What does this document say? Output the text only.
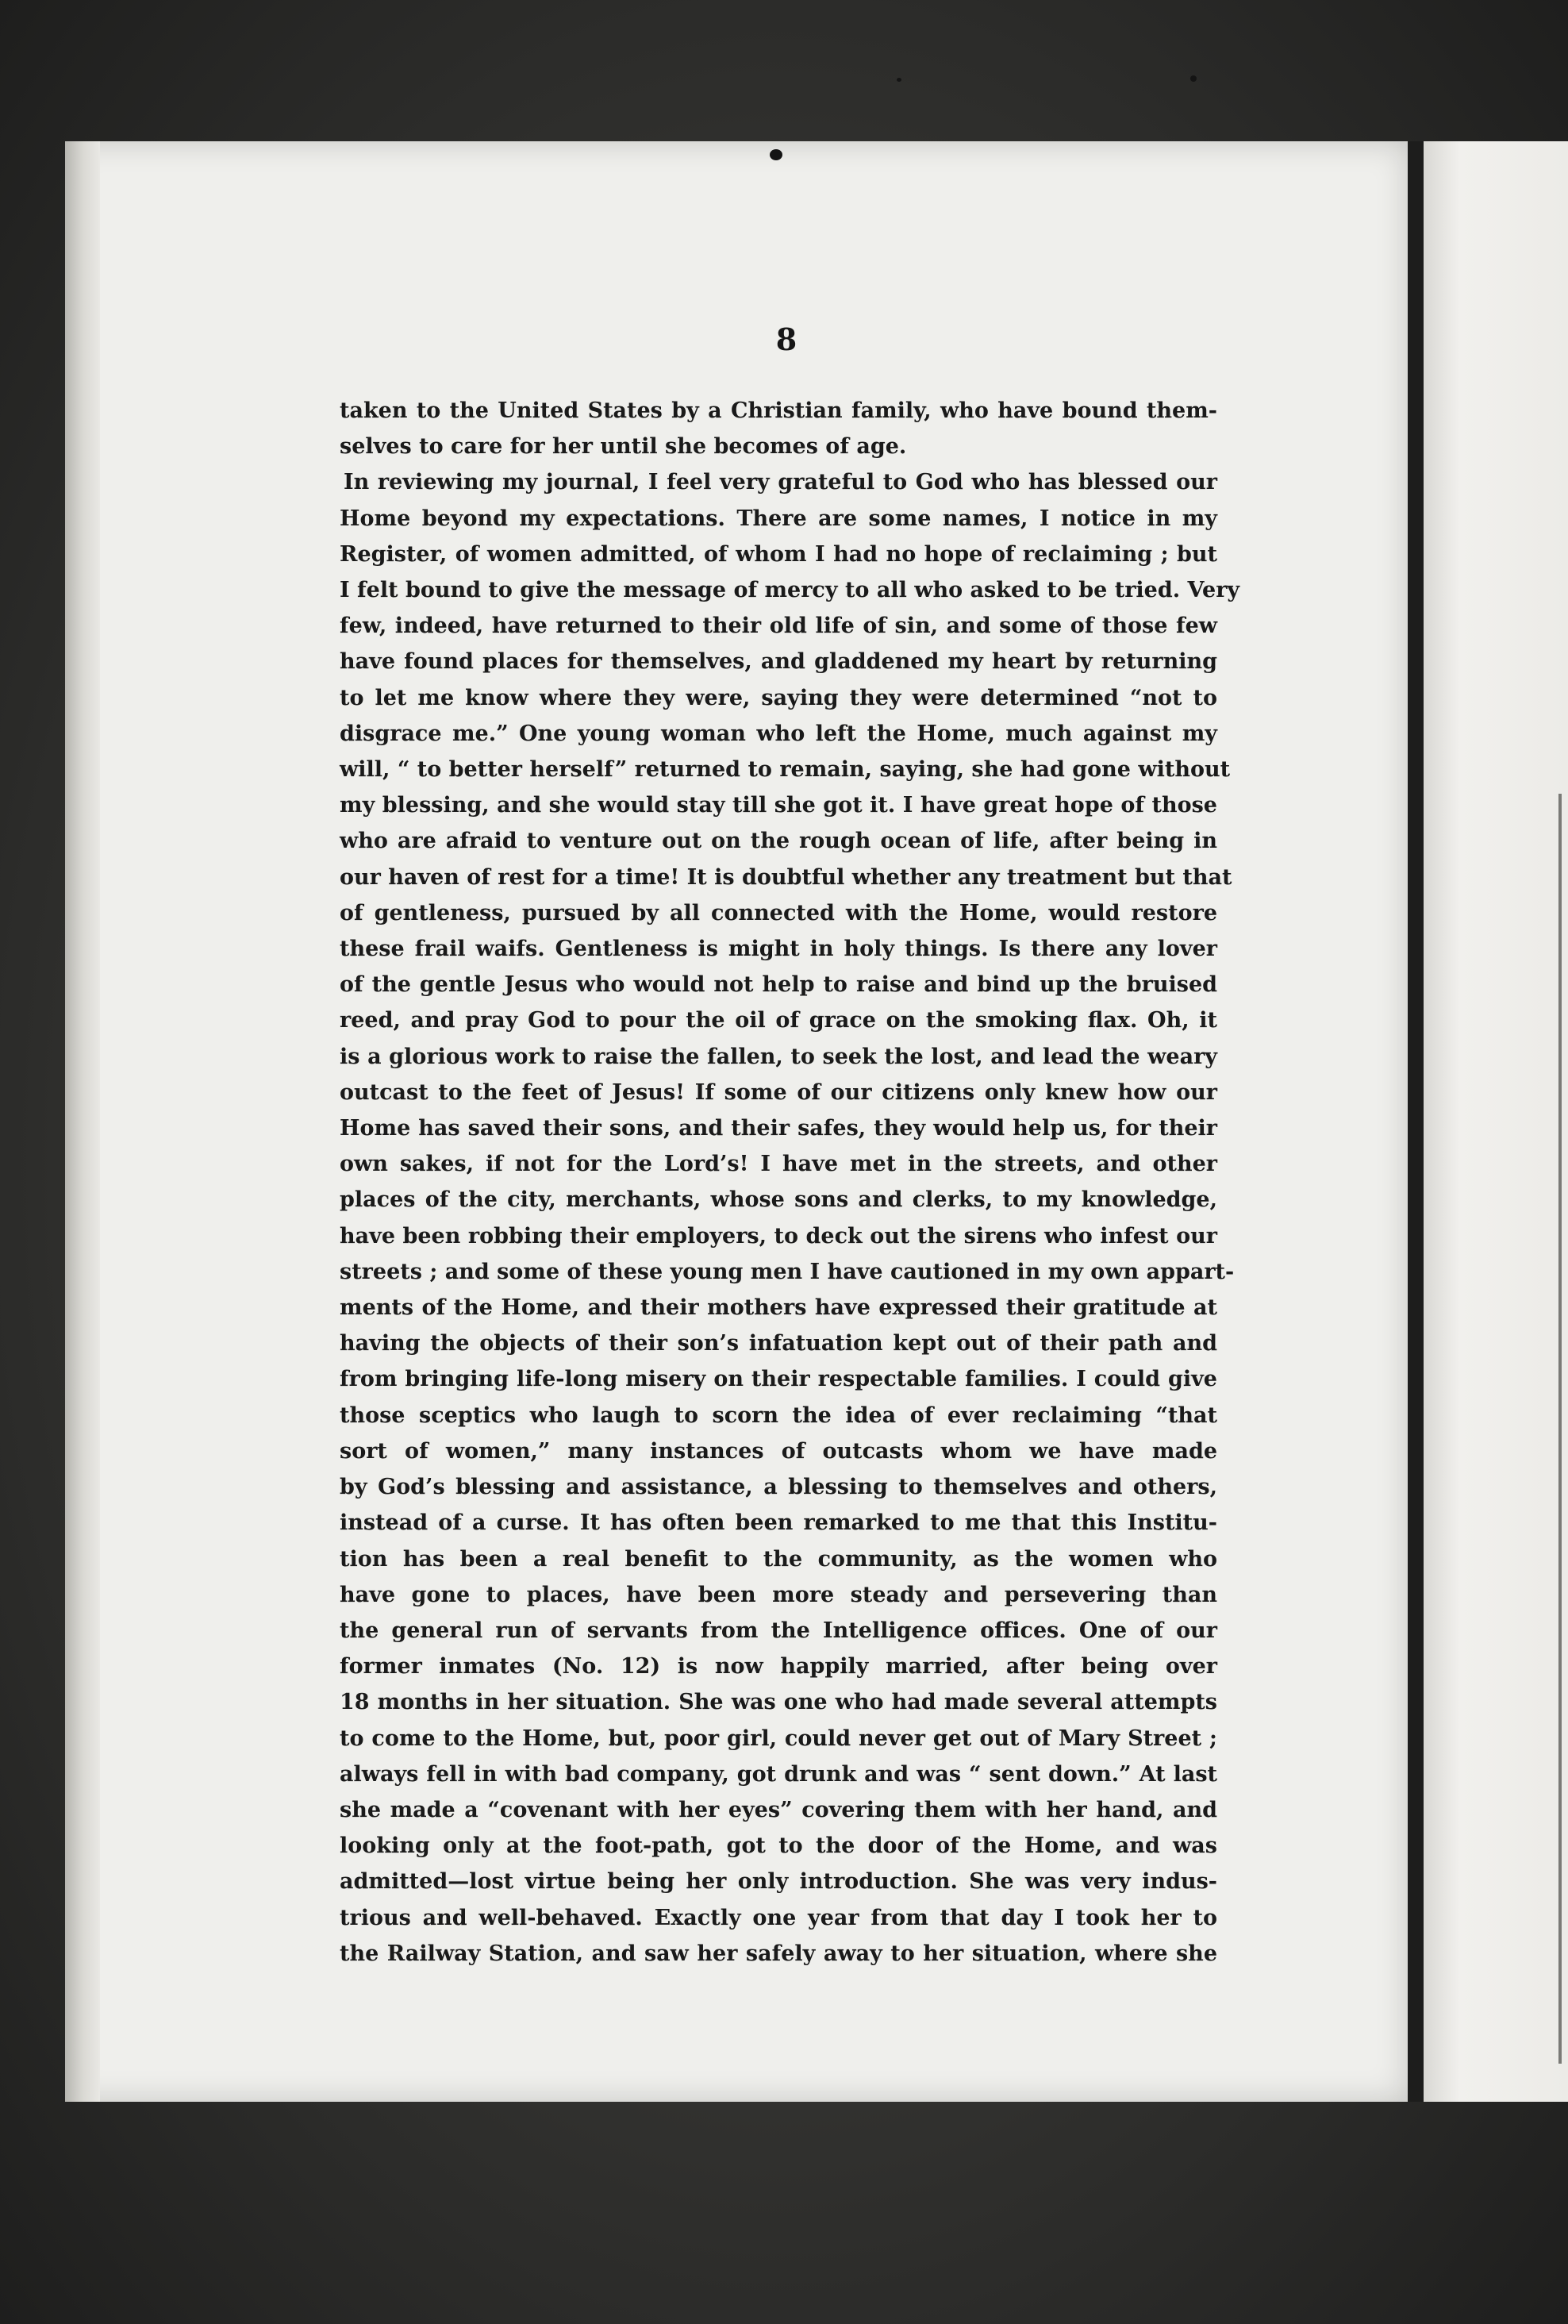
8
taken to the United States by a Christian family, who have bound them-
selves to care for her until she becomes of age.
In reviewing my journal, I feel very grateful to God who has blessed our
Home beyond my expectations. There are some names, I notice in my
Register, of women admitted, of whom I had no hope of reclaiming ; but
I felt bound to give the message of mercy to all who asked to be tried. Very
few, indeed, have returned to their old life of sin, and some of those few
have found places for themselves, and gladdened my heart by returning
to let me know where they were, saying they were determined “not to
disgrace me.” One young woman who left the Home, much against my
will, “ to better herself” returned to remain, saying, she had gone without
my blessing, and she would stay till she got it. I have great hope of those
who are afraid to venture out on the rough ocean of life, after being in
our haven of rest for a time! It is doubtful whether any treatment but that
of gentleness, pursued by all connected with the Home, would restore
these frail waifs. Gentleness is might in holy things. Is there any lover
of the gentle Jesus who would not help to raise and bind up the bruised
reed, and pray God to pour the oil of grace on the smoking flax. Oh, it
is a glorious work to raise the fallen, to seek the lost, and lead the weary
outcast to the feet of Jesus! If some of our citizens only knew how our
Home has saved their sons, and their safes, they would help us, for their
own sakes, if not for the Lord’s! I have met in the streets, and other
places of the city, merchants, whose sons and clerks, to my knowledge,
have been robbing their employers, to deck out the sirens who infest our
streets ; and some of these young men I have cautioned in my own appart-
ments of the Home, and their mothers have expressed their gratitude at
having the objects of their son’s infatuation kept out of their path and
from bringing life-long misery on their respectable families. I could give
those sceptics who laugh to scorn the idea of ever reclaiming “that
sort of women,” many instances of outcasts whom we have made
by God’s blessing and assistance, a blessing to themselves and others,
instead of a curse. It has often been remarked to me that this Institu-
tion has been a real benefit to the community, as the women who
have gone to places, have been more steady and persevering than
the general run of servants from the Intelligence offices. One of our
former inmates (No. 12) is now happily married, after being over
18 months in her situation. She was one who had made several attempts
to come to the Home, but, poor girl, could never get out of Mary Street ;
always fell in with bad company, got drunk and was “ sent down.” At last
she made a “covenant with her eyes” covering them with her hand, and
looking only at the foot-path, got to the door of the Home, and was
admitted—lost virtue being her only introduction. She was very indus-
trious and well-behaved. Exactly one year from that day I took her to
the Railway Station, and saw her safely away to her situation, where she
